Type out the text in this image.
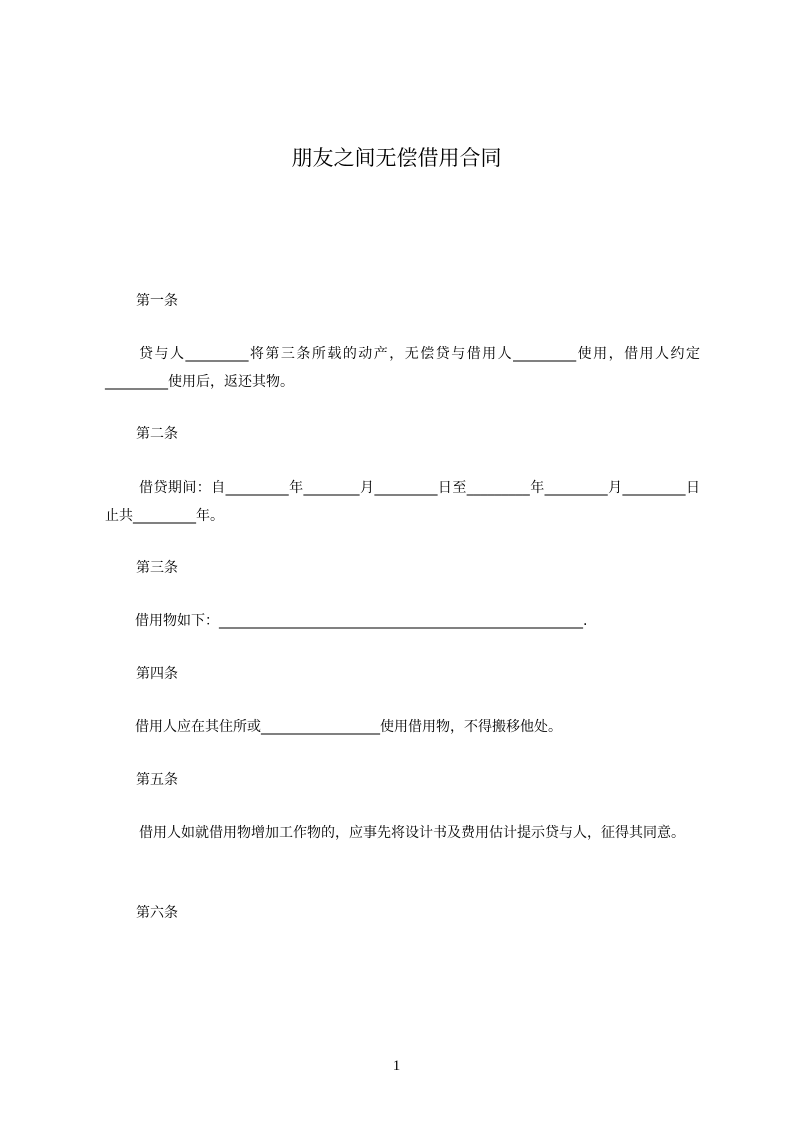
朋友之间无偿借用合同
第一条
贷与人_________将第三条所载的动产，无偿贷与借用人_________使用，借用人约定_________使用后，返还其物。
第二条
借贷期间：自_________年________月_________日至_________年_________月_________日止共_________年。
第三条
借用物如下：____________________________________________________.
第四条
借用人应在其住所或_________________使用借用物，不得搬移他处。
第五条
借用人如就借用物增加工作物的，应事先将设计书及费用估计提示贷与人，征得其同意。
第六条
1
